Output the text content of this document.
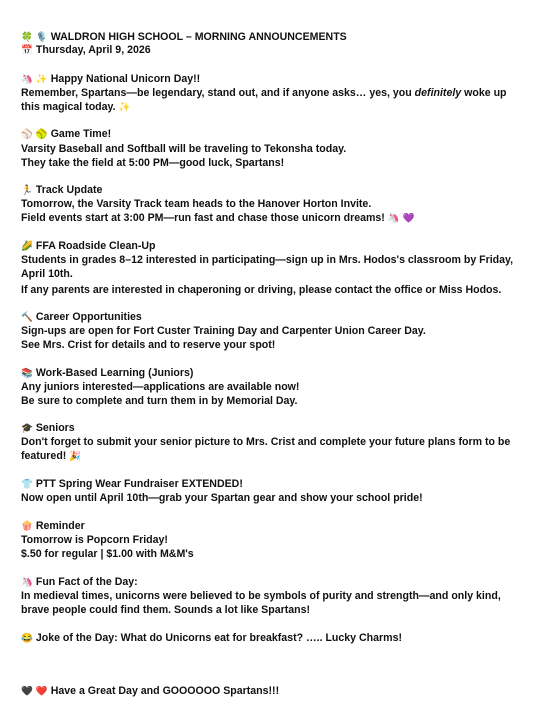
🍀 🎙️ WALDRON HIGH SCHOOL – MORNING ANNOUNCEMENTS
📅 Thursday, April 9, 2026
🦄 ✨ Happy National Unicorn Day!!
Remember, Spartans—be legendary, stand out, and if anyone asks… yes, you definitely woke up
this magical today. ✨
⚾ 🥎 Game Time!
Varsity Baseball and Softball will be traveling to Tekonsha today.
They take the field at 5:00 PM—good luck, Spartans!
🏃 Track Update
Tomorrow, the Varsity Track team heads to the Hanover Horton Invite.
Field events start at 3:00 PM—run fast and chase those unicorn dreams! 🦄 💜
🌽 FFA Roadside Clean-Up
Students in grades 8–12 interested in participating—sign up in Mrs. Hodos's classroom by Friday,
April 10th.
If any parents are interested in chaperoning or driving, please contact the office or Miss Hodos.
🔨 Career Opportunities
Sign-ups are open for Fort Custer Training Day and Carpenter Union Career Day.
See Mrs. Crist for details and to reserve your spot!
📚 Work-Based Learning (Juniors)
Any juniors interested—applications are available now!
Be sure to complete and turn them in by Memorial Day.
🎓 Seniors
Don't forget to submit your senior picture to Mrs. Crist and complete your future plans form to be
featured! 🎉
👕 PTT Spring Wear Fundraiser EXTENDED!
Now open until April 10th—grab your Spartan gear and show your school pride!
🍿 Reminder
Tomorrow is Popcorn Friday!
$.50 for regular | $1.00 with M&M's
🦄 Fun Fact of the Day:
In medieval times, unicorns were believed to be symbols of purity and strength—and only kind,
brave people could find them. Sounds a lot like Spartans!
😂 Joke of the Day: What do Unicorns eat for breakfast? ….. Lucky Charms!
🖤 ❤️ Have a Great Day and GOOOOOO Spartans!!!
